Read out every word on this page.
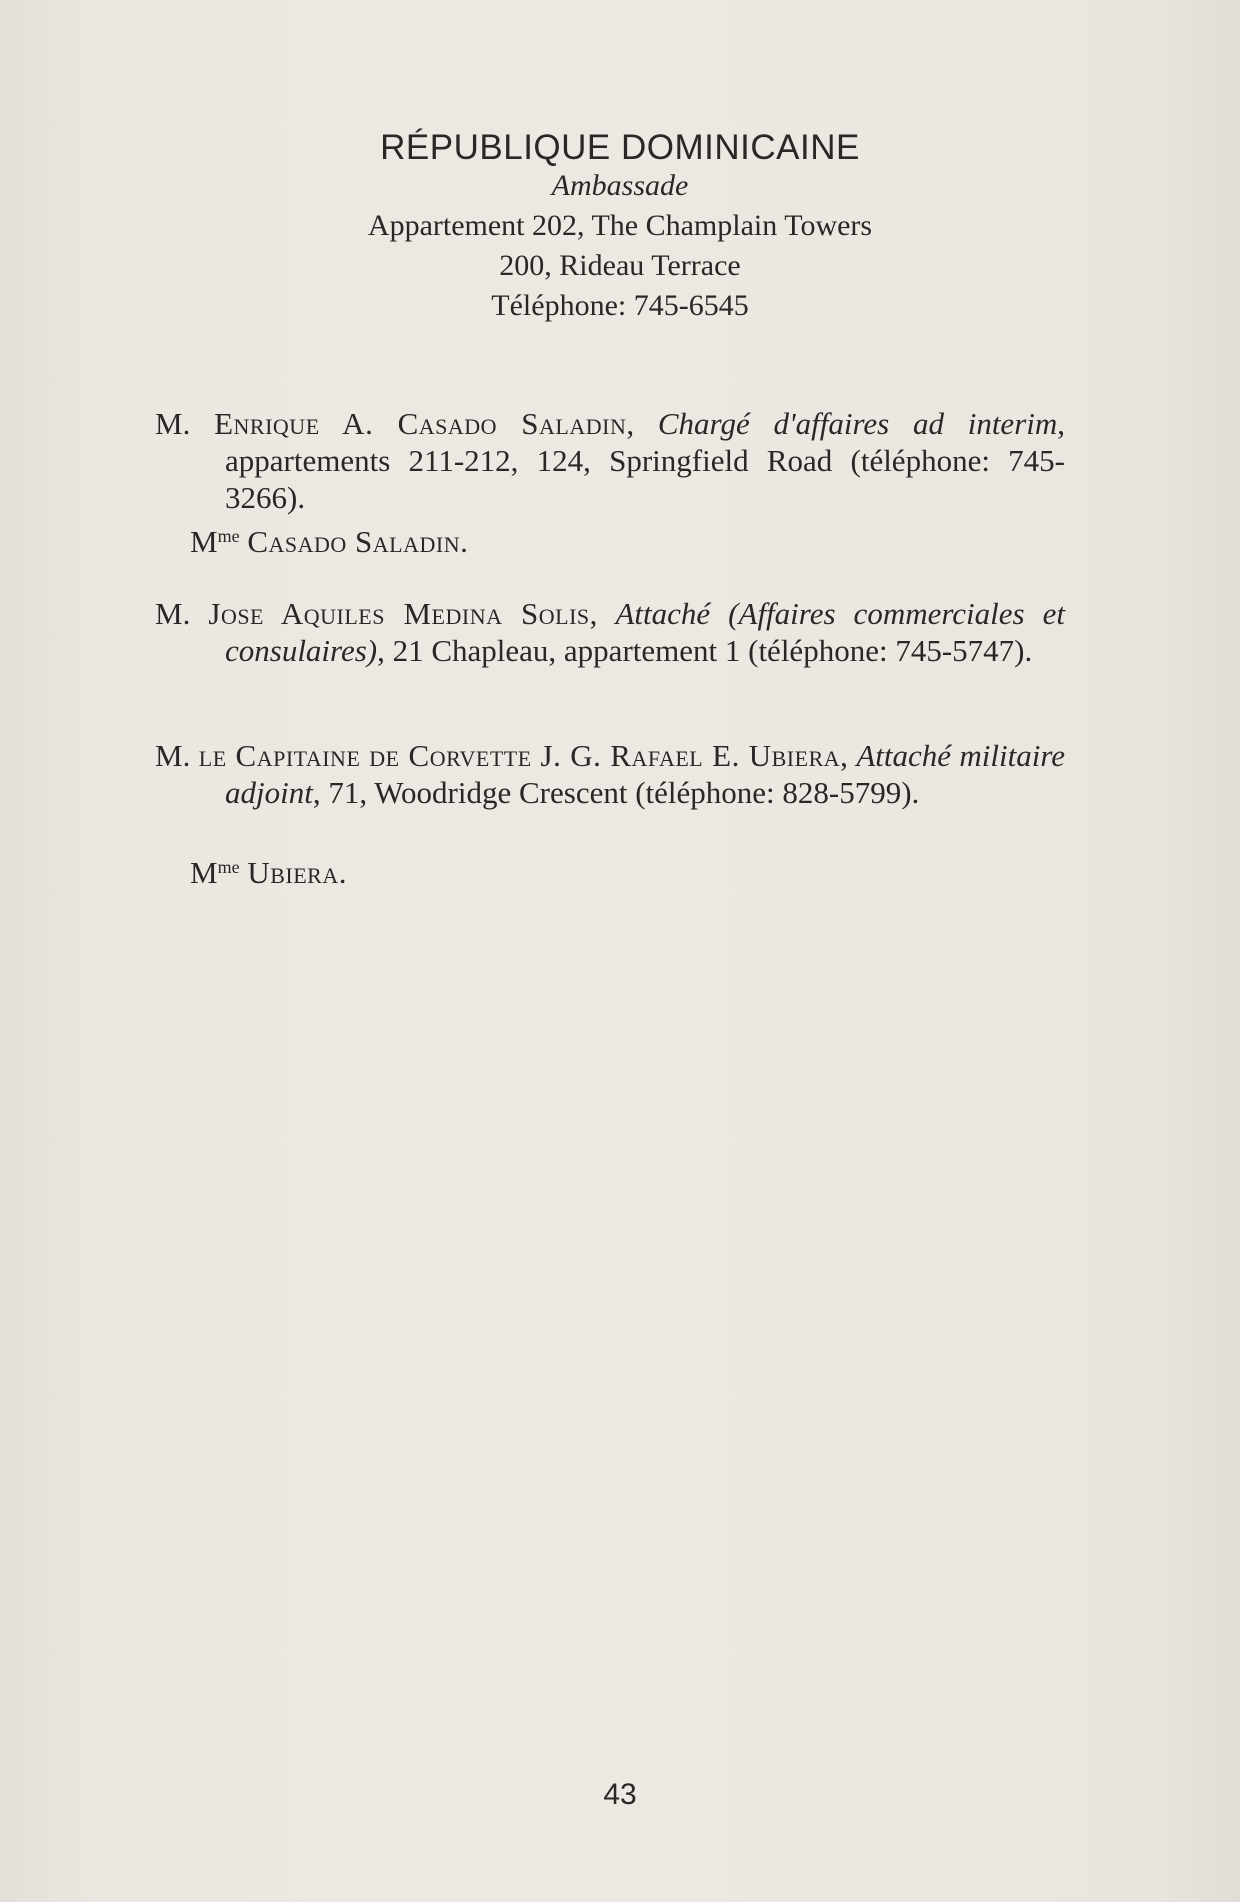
RÉPUBLIQUE DOMINICAINE
Ambassade
Appartement 202, The Champlain Towers
200, Rideau Terrace
Téléphone: 745-6545
M. Enrique A. Casado Saladin, Chargé d'affaires ad interim, appartements 211-212, 124, Springfield Road (téléphone: 745-3266).
$M^{me}$ Casado Saladin.
M. Jose Aquiles Medina Solis, Attaché (Affaires commerciales et consulaires), 21 Chapleau, appartement 1 (téléphone: 745-5747).
M. le Capitaine de Corvette J. G. Rafael E. Ubiera, Attaché militaire adjoint, 71, Woodridge Crescent (téléphone: 828-5799).
$M^{me}$ Ubiera.
43
